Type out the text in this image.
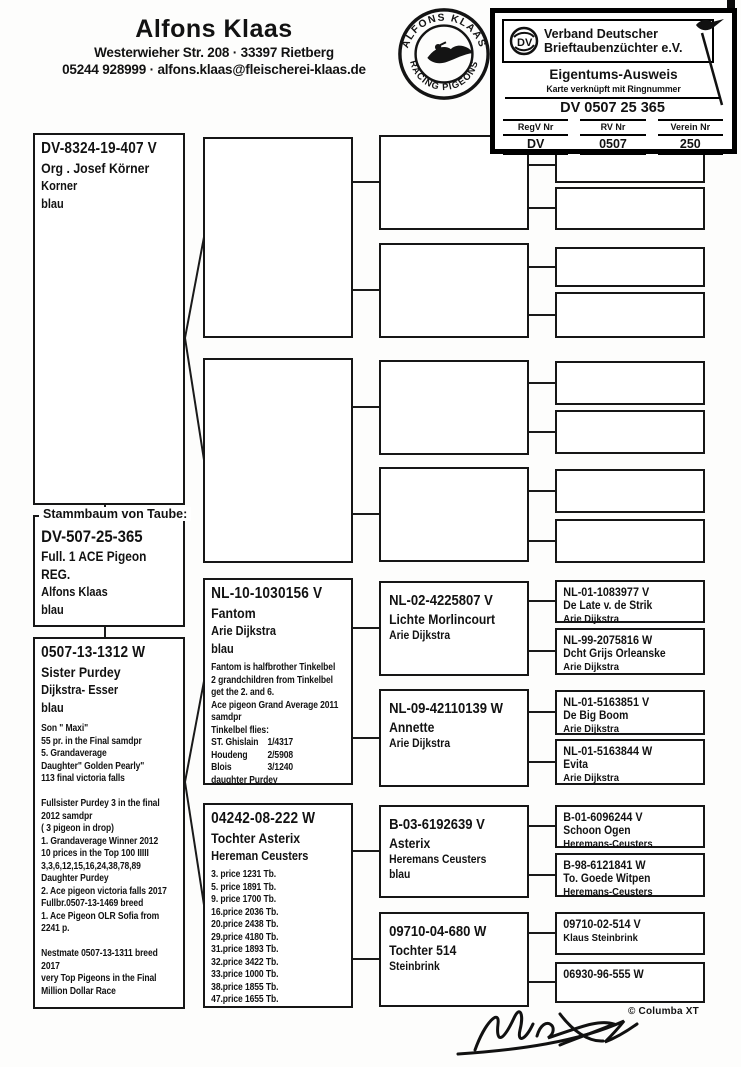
Alfons Klaas
Westerwieher Str. 208 · 33397 Rietberg
05244 928999 · alfons.klaas@fleischerei-klaas.de
ALFONS KLAAS
RACING PIGEONS
DV
Verband Deutscher
Brieftaubenzüchter e.V.
Eigentums-Ausweis
Karte verknüpft mit Ringnummer
DV 0507 25 365
RegV Nr
DV
RV Nr
0507
Verein Nr
250
DV-8324-19-407 V
Org . Josef Körner
Korner
blau
Stammbaum von Taube:
DV-507-25-365
Full. 1 ACE Pigeon REG.
Alfons Klaas
blau
0507-13-1312 W
Sister Purdey
Dijkstra- Esser
blau
Son " Maxi"
55 pr. in the Final samdpr
5. Grandaverage
Daughter" Golden Pearly"
113 final victoria falls
Fullsister Purdey 3 in the final
2012 samdpr
( 3 pigeon in drop)
1. Grandaverage Winner 2012
10 prices in the Top 100 IIIII
3,3,6,12,15,16,24,38,78,89
Daughter Purdey
2. Ace pigeon victoria falls 2017
Fullbr.0507-13-1469 breed
1. Ace Pigeon OLR Sofia from
2241 p.
Nestmate 0507-13-1311 breed
2017
very Top Pigeons in the Final
Million Dollar Race
NL-10-1030156 V
Fantom
Arie Dijkstra
blau
Fantom is halfbrother Tinkelbel
2 grandchildren from Tinkelbel
get the 2. and 6.
Ace pigeon Grand Average 2011
samdpr
Tinkelbel flies:
ST. Ghislain 1/4317
Houdeng	2/5908
Blois	3/1240
daughter Purdey
04242-08-222 W
Tochter Asterix
Hereman Ceusters
3. price 1231 Tb.
5. price 1891 Tb.
9. price 1700 Tb.
16.price 2036 Tb.
20.price 2438 Tb.
29.price 4180 Tb.
31.price 1893 Tb.
32.price 3422 Tb.
33.price 1000 Tb.
38.price 1855 Tb.
47.price 1655 Tb.
NL-02-4225807 V
Lichte Morlincourt
Arie Dijkstra
NL-09-42110139 W
Annette
Arie Dijkstra
B-03-6192639 V
Asterix
Heremans Ceusters
blau
09710-04-680 W
Tochter 514
Steinbrink
NL-01-1083977 V
De Late v. de Strik
Arie Dijkstra
NL-99-2075816 W
Dcht Grijs Orleanske
Arie Dijkstra
NL-01-5163851 V
De Big Boom
Arie Dijkstra
NL-01-5163844 W
Evita
Arie Dijkstra
B-01-6096244 V
Schoon Ogen
Heremans-Ceusters
B-98-6121841 W
To. Goede Witpen
Heremans-Ceusters
09710-02-514 V
Klaus Steinbrink
06930-96-555 W
© Columba XT
